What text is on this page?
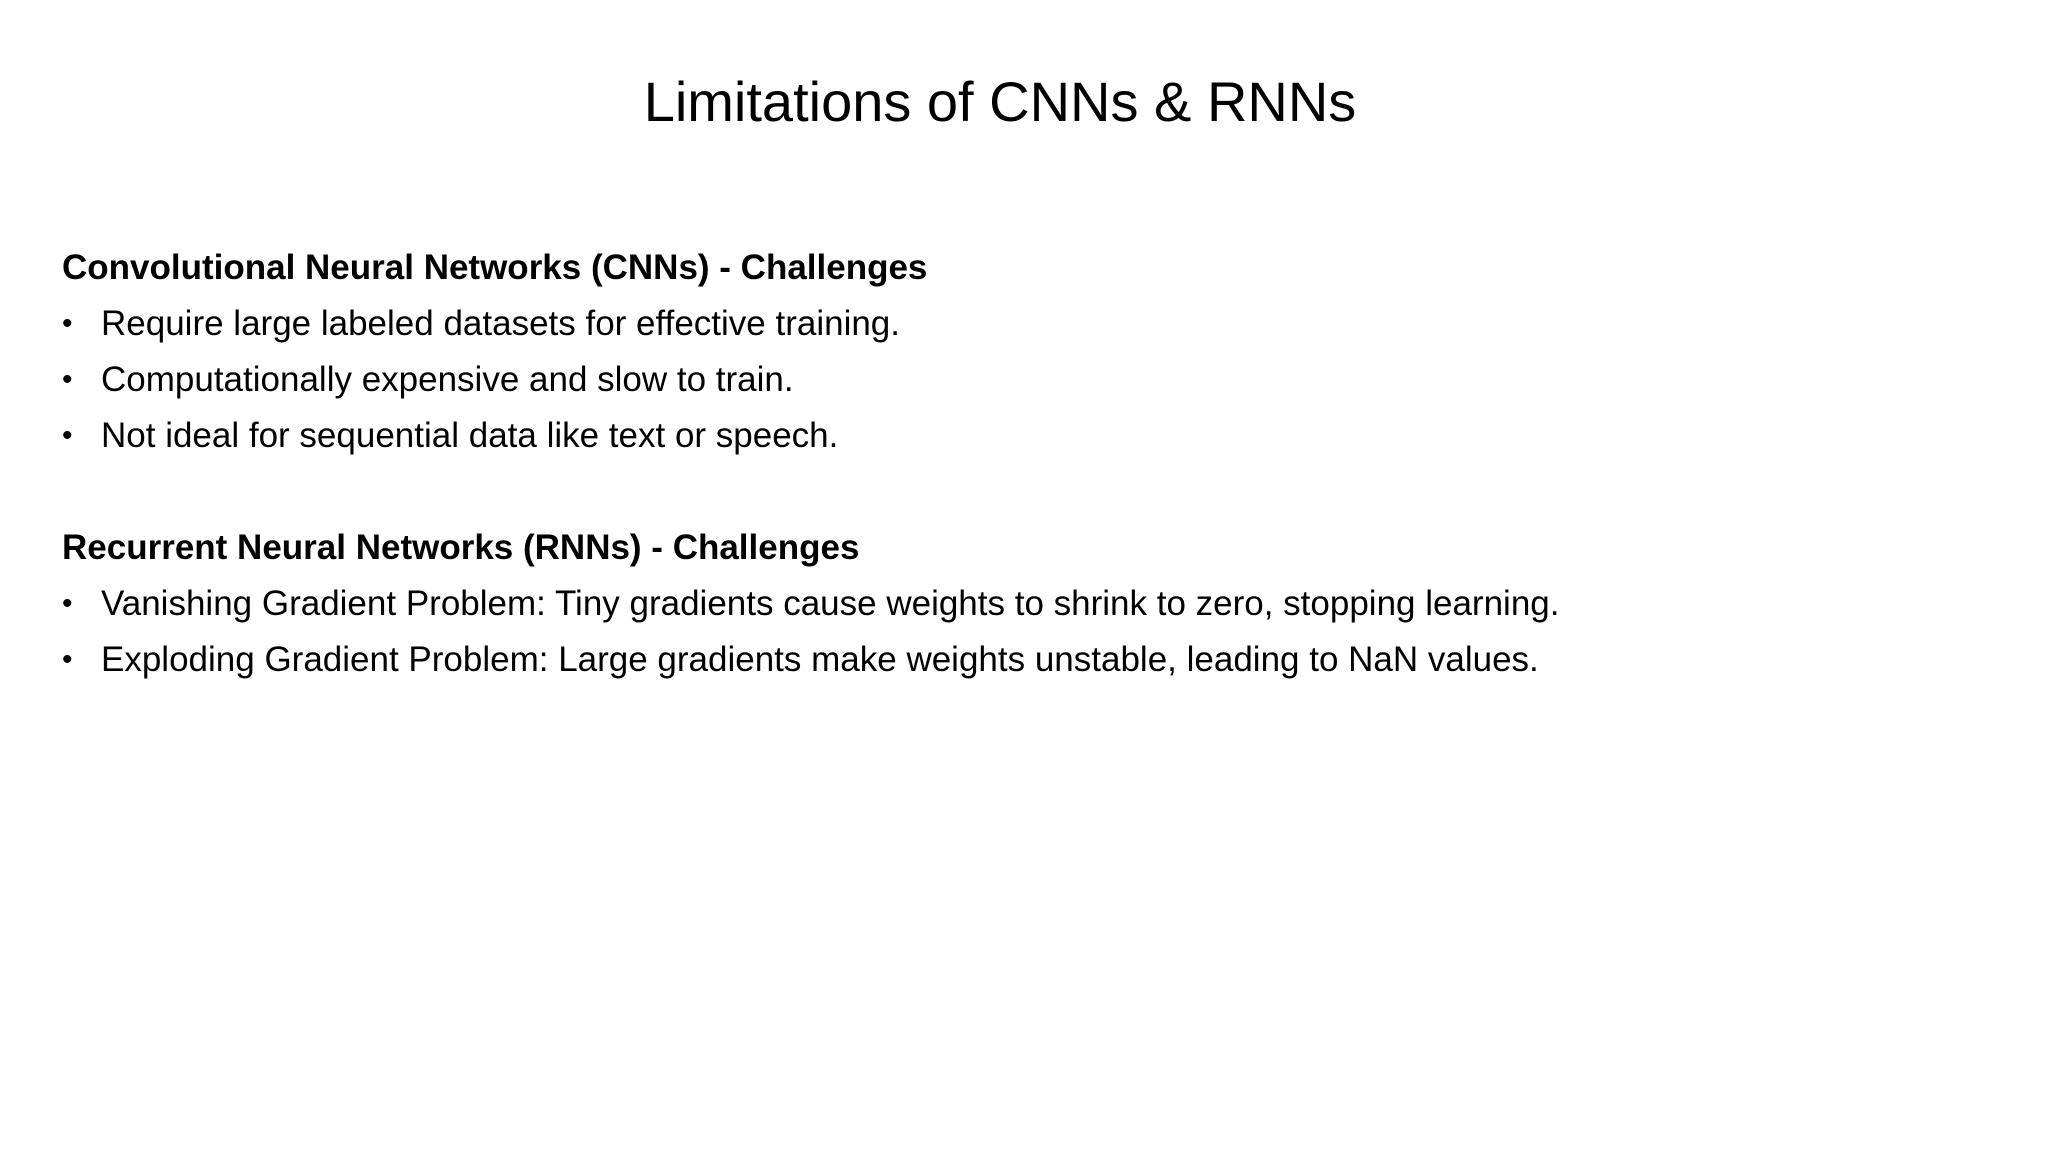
Limitations of CNNs & RNNs

Convolutional Neural Networks (CNNs) - Challenges

• Require large labeled datasets for effective training.
• Computationally expensive and slow to train.
• Not ideal for sequential data like text or speech.

Recurrent Neural Networks (RNNs) - Challenges

• Vanishing Gradient Problem: Tiny gradients cause weights to shrink to zero, stopping learning.
• Exploding Gradient Problem: Large gradients make weights unstable, leading to NaN values.
